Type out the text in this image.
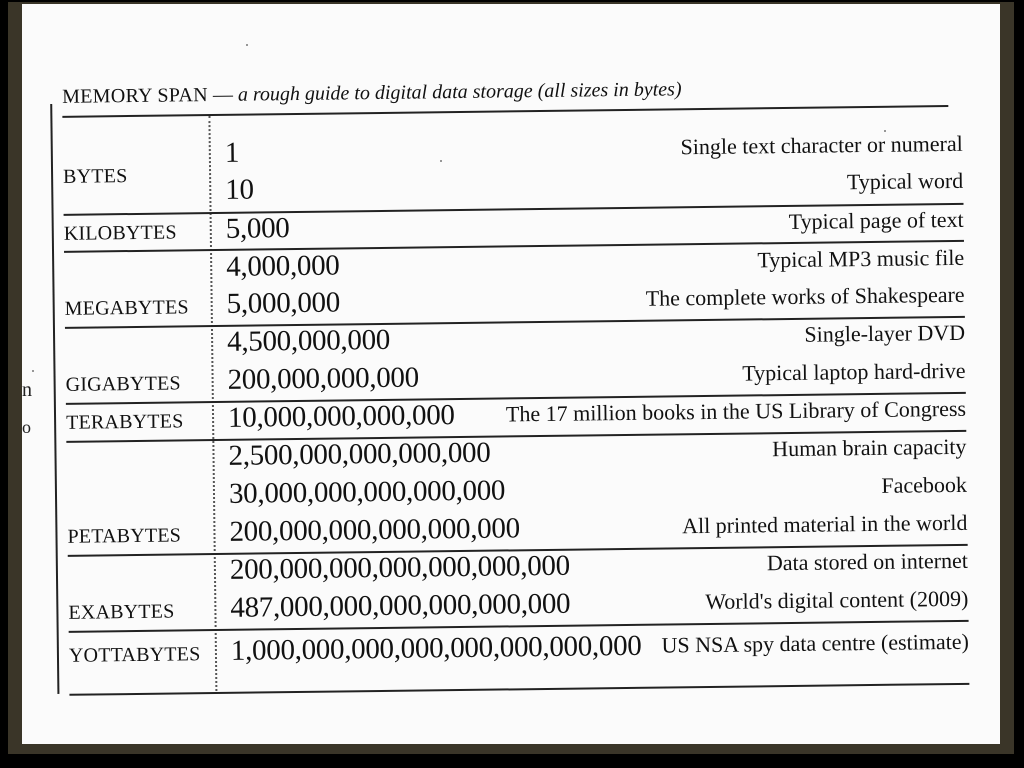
n
o
MEMORY SPAN — a rough guide to digital data storage (all sizes in bytes)
1	Single text character or numeral
BYTES	10	Typical word
KILOBYTES 5,000	Typical page of text
4,000,000	Typical MP3 music file
MEGABYTES 5,000,000	The complete works of Shakespeare
4,500,000,000	Single-layer DVD
GIGABYTES 200,000,000,000	Typical laptop hard-drive
TERABYTES 10,000,000,000,000 The 17 million books in the US Library of Congress
2,500,000,000,000,000	Human brain capacity
30,000,000,000,000,000	Facebook
PETABYTES 200,000,000,000,000,000	All printed material in the world
200,000,000,000,000,000,000	Data stored on internet
EXABYTES 487,000,000,000,000,000,000	World's digital content (2009)
YOTTABYTES 1,000,000,000,000,000,000,000,000 US NSA spy data centre (estimate)
